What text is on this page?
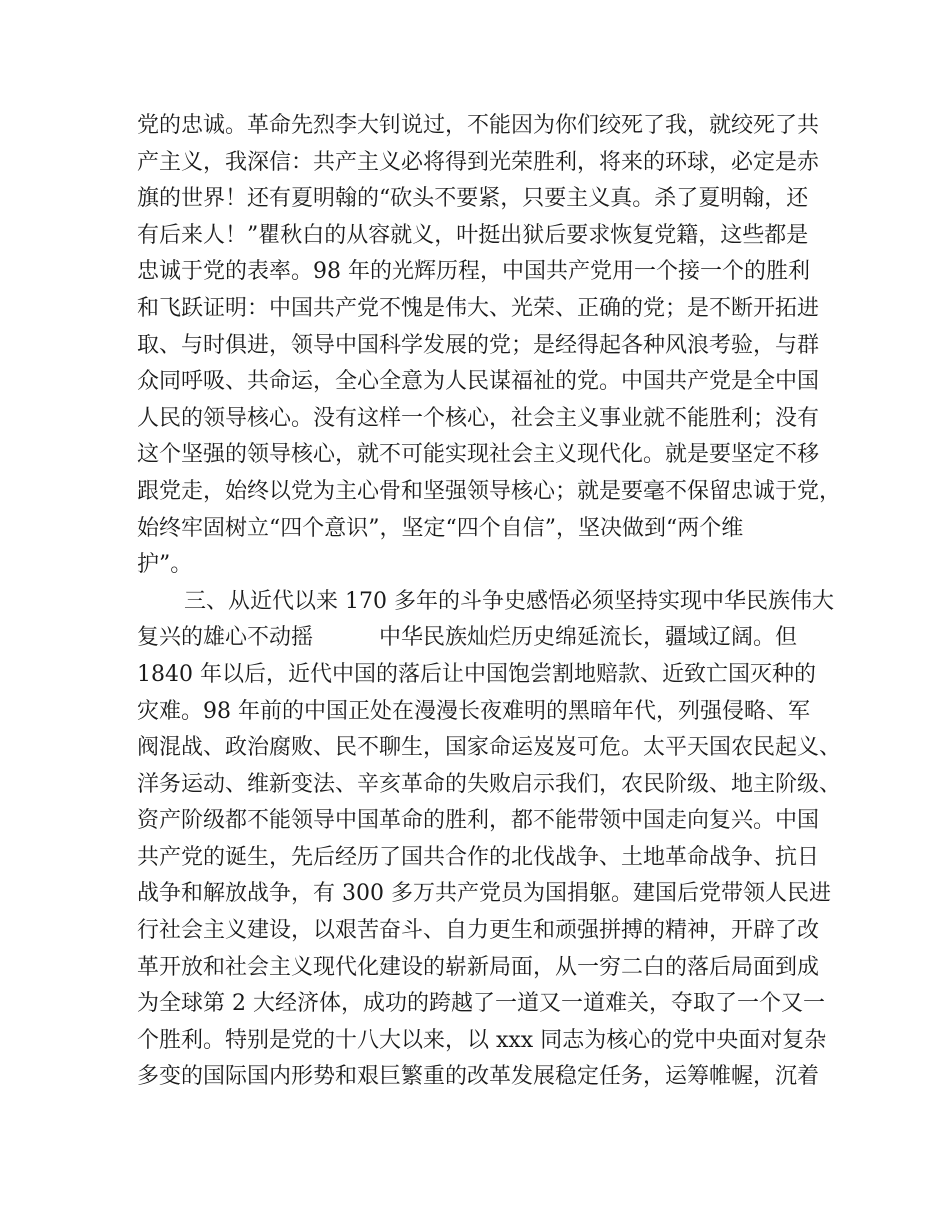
党的忠诚。革命先烈李大钊说过，不能因为你们绞死了我，就绞死了共
产主义，我深信：共产主义必将得到光荣胜利，将来的环球，必定是赤
旗的世界！还有夏明翰的“砍头不要紧，只要主义真。杀了夏明翰，还
有后来人！”瞿秋白的从容就义，叶挺出狱后要求恢复党籍，这些都是
忠诚于党的表率。98 年的光辉历程，中国共产党用一个接一个的胜利
和飞跃证明：中国共产党不愧是伟大、光荣、正确的党；是不断开拓进
取、与时俱进，领导中国科学发展的党；是经得起各种风浪考验，与群
众同呼吸、共命运，全心全意为人民谋福祉的党。中国共产党是全中国
人民的领导核心。没有这样一个核心，社会主义事业就不能胜利；没有
这个坚强的领导核心，就不可能实现社会主义现代化。就是要坚定不移
跟党走，始终以党为主心骨和坚强领导核心；就是要毫不保留忠诚于党，
始终牢固树立“四个意识”，坚定“四个自信”，坚决做到“两个维
护”。
三、从近代以来 170 多年的斗争史感悟必须坚持实现中华民族伟大
复兴的雄心不动摇　　　中华民族灿烂历史绵延流长，疆域辽阔。但
1840 年以后，近代中国的落后让中国饱尝割地赔款、近致亡国灭种的
灾难。98 年前的中国正处在漫漫长夜难明的黑暗年代，列强侵略、军
阀混战、政治腐败、民不聊生，国家命运岌岌可危。太平天国农民起义、
洋务运动、维新变法、辛亥革命的失败启示我们，农民阶级、地主阶级、
资产阶级都不能领导中国革命的胜利，都不能带领中国走向复兴。中国
共产党的诞生，先后经历了国共合作的北伐战争、土地革命战争、抗日
战争和解放战争，有 300 多万共产党员为国捐躯。建国后党带领人民进
行社会主义建设，以艰苦奋斗、自力更生和顽强拼搏的精神，开辟了改
革开放和社会主义现代化建设的崭新局面，从一穷二白的落后局面到成
为全球第 2 大经济体，成功的跨越了一道又一道难关，夺取了一个又一
个胜利。特别是党的十八大以来，以 xxx 同志为核心的党中央面对复杂
多变的国际国内形势和艰巨繁重的改革发展稳定任务，运筹帷幄，沉着
